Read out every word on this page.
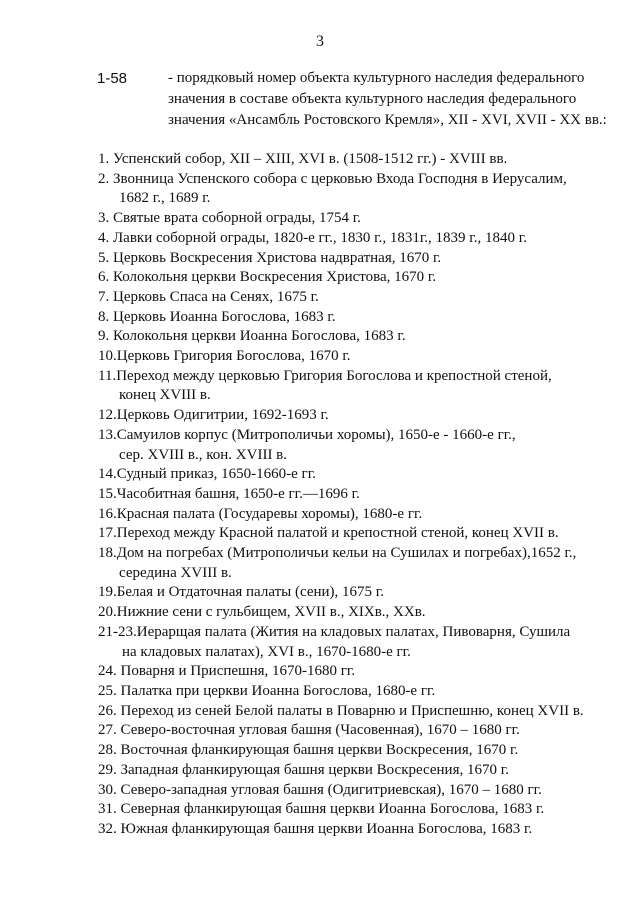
3
1-58	- порядковый номер объекта культурного наследия федерального
значения в составе объекта культурного наследия федерального
значения «Ансамбль Ростовского Кремля», XII - XVI, XVII - XX вв.:
1. Успенский собор, XII – XIII, XVI в. (1508-1512 гг.) - XVIII вв.
2. Звонница Успенского собора с церковью Входа Господня в Иерусалим,
1682 г., 1689 г.
3. Святые врата соборной ограды, 1754 г.
4. Лавки соборной ограды, 1820-е гг., 1830 г., 1831г., 1839 г., 1840 г.
5. Церковь Воскресения Христова надвратная, 1670 г.
6. Колокольня церкви Воскресения Христова, 1670 г.
7. Церковь Спаса на Сенях, 1675 г.
8. Церковь Иоанна Богослова, 1683 г.
9. Колокольня церкви Иоанна Богослова, 1683 г.
10.Церковь Григория Богослова, 1670 г.
11.Переход между церковью Григория Богослова и крепостной стеной,
конец XVIII в.
12.Церковь Одигитрии, 1692-1693 г.
13.Самуилов корпус (Митрополичьи хоромы), 1650-е - 1660-е гг.,
сер. XVIII в., кон. XVIII в.
14.Судный приказ, 1650-1660-е гг.
15.Часобитная башня, 1650-е гг.—1696 г.
16.Красная палата (Государевы хоромы), 1680-е гг.
17.Переход между Красной палатой и крепостной стеной, конец XVII в.
18.Дом на погребах (Митрополичьи кельи на Сушилах и погребах),1652 г.,
середина XVIII в.
19.Белая и Отдаточная палаты (сени), 1675 г.
20.Нижние сени с гульбищем, XVII в., XIXв., XXв.
21-23.Иерарщая палата (Жития на кладовых палатах, Пивоварня, Сушила
на кладовых палатах), XVI в., 1670-1680-е гг.
24. Поварня и Приспешня, 1670-1680 гг.
25. Палатка при церкви Иоанна Богослова, 1680-е гг.
26. Переход из сеней Белой палаты в Поварню и Приспешню, конец XVII в.
27. Северо-восточная угловая башня (Часовенная), 1670 – 1680 гг.
28. Восточная фланкирующая башня церкви Воскресения, 1670 г.
29. Западная фланкирующая башня церкви Воскресения, 1670 г.
30. Северо-западная угловая башня (Одигитриевская), 1670 – 1680 гг.
31. Северная фланкирующая башня церкви Иоанна Богослова, 1683 г.
32. Южная фланкирующая башня церкви Иоанна Богослова, 1683 г.
